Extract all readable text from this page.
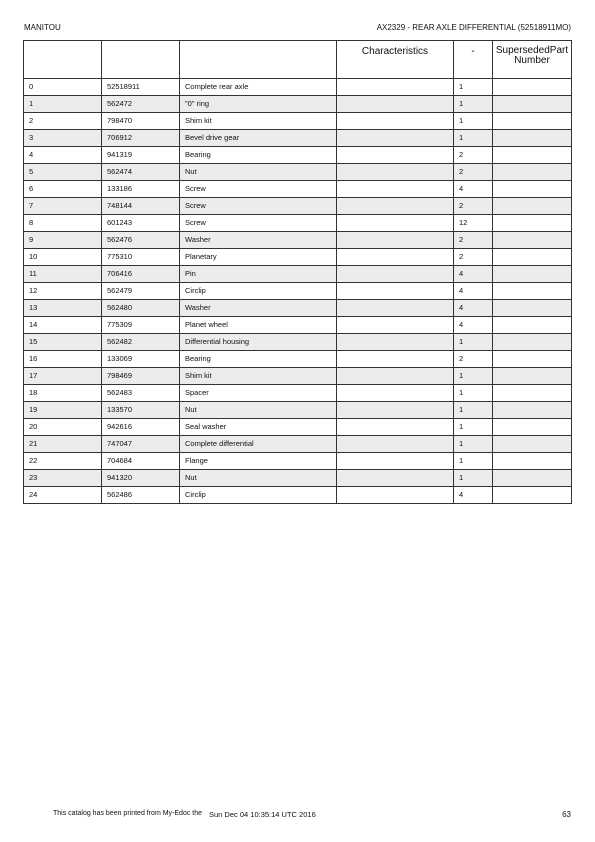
MANITOU	AX2329 - REAR AXLE DIFFERENTIAL (52518911MO)
			Characteristics	-	SupersededPartNumber
0	52518911	Complete rear axle		1	
1	562472	"0" ring		1	
2	798470	Shim kit		1	
3	706912	Bevel drive gear		1	
4	941319	Bearing		2	
5	562474	Nut		2	
6	133186	Screw		4	
7	748144	Screw		2	
8	601243	Screw		12	
9	562476	Washer		2	
10	775310	Planetary		2	
11	706416	Pin		4	
12	562479	Circlip		4	
13	562480	Washer		4	
14	775309	Planet wheel		4	
15	562482	Differential housing		1	
16	133069	Bearing		2	
17	798469	Shim kit		1	
18	562483	Spacer		1	
19	133570	Nut		1	
20	942616	Seal washer		1	
21	747047	Complete differential		1	
22	704684	Flange		1	
23	941320	Nut		1	
24	562486	Circlip		4	
This catalog has been printed from My-Edoc the Sun Dec 04 10:35:14 UTC 2016	63
